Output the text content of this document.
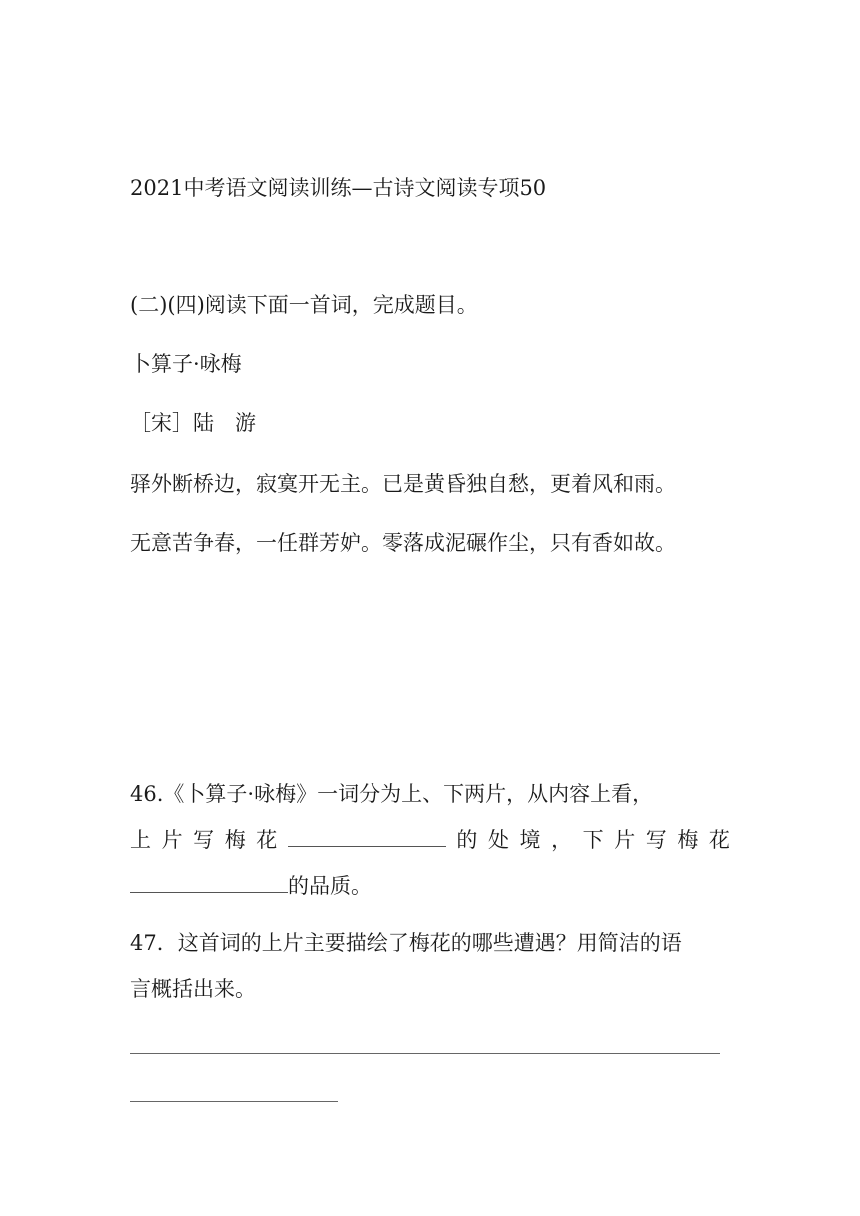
2021中考语文阅读训练—古诗文阅读专项50
(二)(四)阅读下面一首词，完成题目。
卜算子·咏梅
［宋］陆　游
驿外断桥边，寂寞开无主。已是黄昏独自愁，更着风和雨。
无意苦争春，一任群芳妒。零落成泥碾作尘，只有香如故。
46.《卜算子·咏梅》一词分为上、下两片，从内容上看，
上 片 写 梅 花	的 处 境 ， 下 片 写 梅 花
的品质。
47．这首词的上片主要描绘了梅花的哪些遭遇？用简洁的语
言概括出来。
